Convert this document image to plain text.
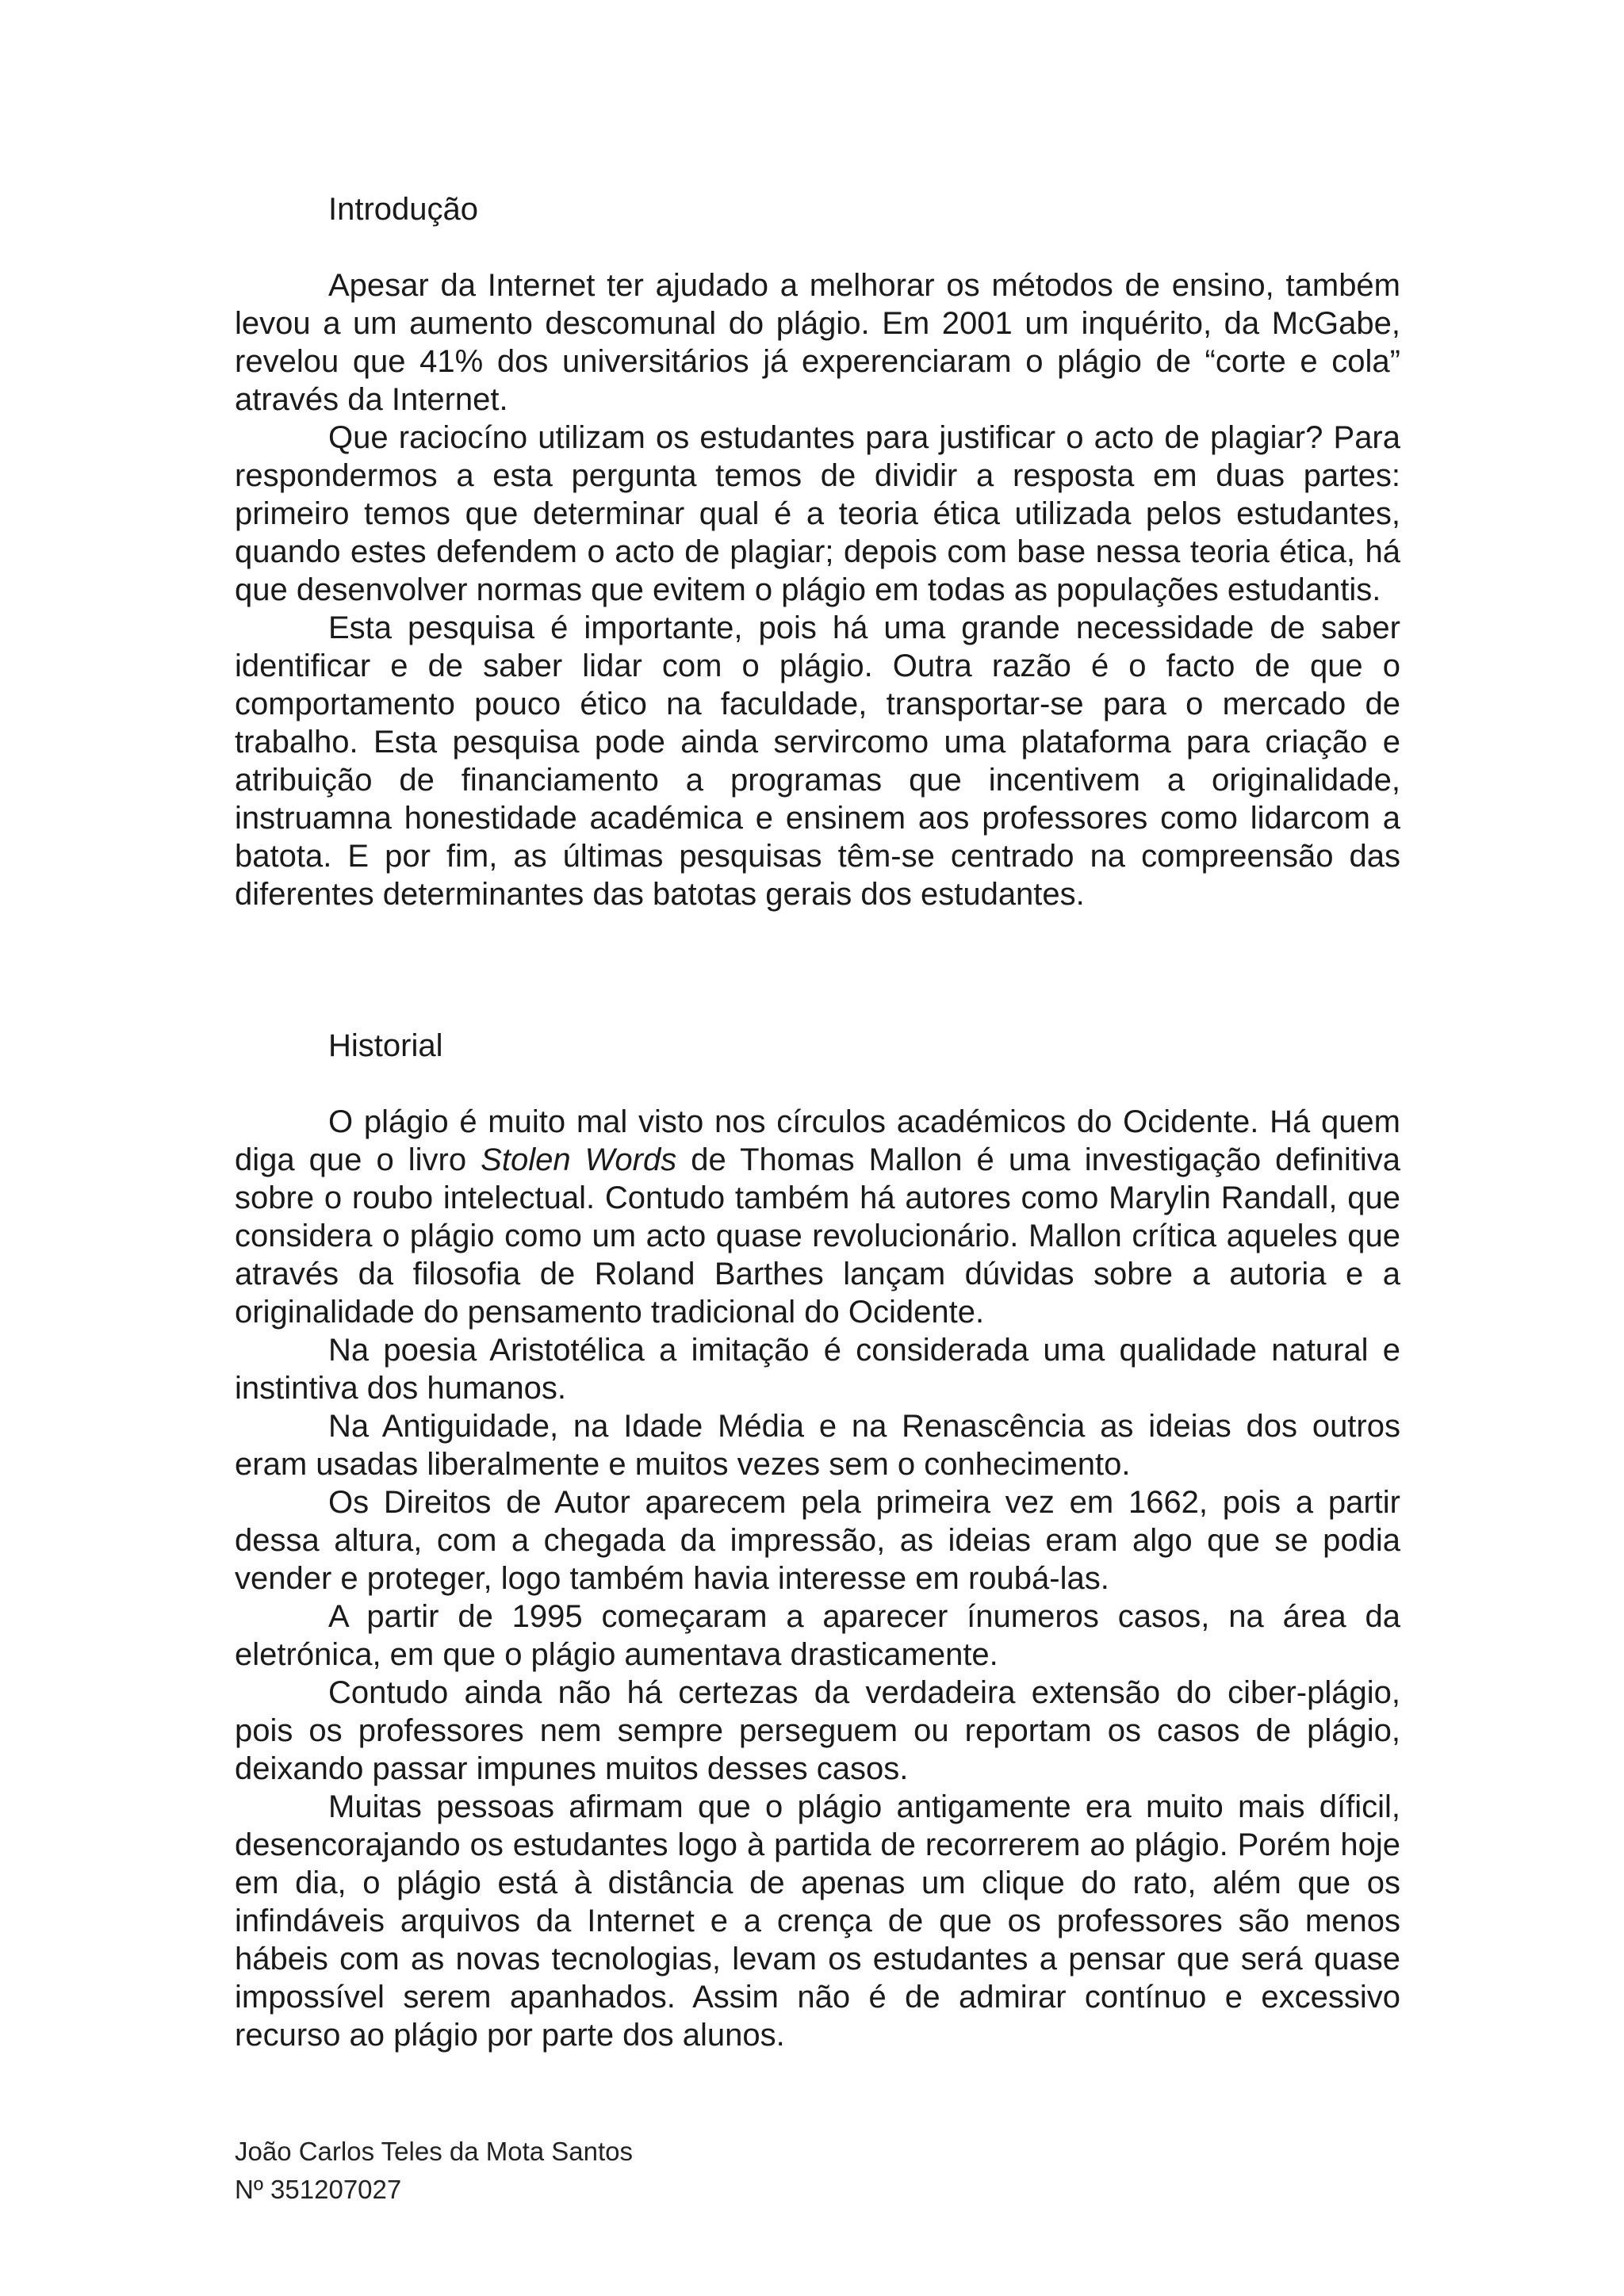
Introdução

Apesar da Internet ter ajudado a melhorar os métodos de ensino, também levou a um aumento descomunal do plágio. Em 2001 um inquérito, da McGabe, revelou que 41% dos universitários já experenciaram o plágio de “corte e cola” através da Internet.

Que raciocíno utilizam os estudantes para justificar o acto de plagiar? Para respondermos a esta pergunta temos de dividir a resposta em duas partes: primeiro temos que determinar qual é a teoria ética utilizada pelos estudantes, quando estes defendem o acto de plagiar; depois com base nessa teoria ética, há que desenvolver normas que evitem o plágio em todas as populações estudantis.

Esta pesquisa é importante, pois há uma grande necessidade de saber identificar e de saber lidar com o plágio. Outra razão é o facto de que o comportamento pouco ético na faculdade, transportar-se para o mercado de trabalho. Esta pesquisa pode ainda servircomo uma plataforma para criação e atribuição de financiamento a programas que incentivem a originalidade, instruamna honestidade académica e ensinem aos professores como lidarcom a batota. E por fim, as últimas pesquisas têm-se centrado na compreensão das diferentes determinantes das batotas gerais dos estudantes.

Historial

O plágio é muito mal visto nos círculos académicos do Ocidente. Há quem diga que o livro Stolen Words de Thomas Mallon é uma investigação definitiva sobre o roubo intelectual. Contudo também há autores como Marylin Randall, que considera o plágio como um acto quase revolucionário. Mallon crítica aqueles que através da filosofia de Roland Barthes lançam dúvidas sobre a autoria e a originalidade do pensamento tradicional do Ocidente.

Na poesia Aristotélica a imitação é considerada uma qualidade natural e instintiva dos humanos.

Na Antiguidade, na Idade Média e na Renascência as ideias dos outros eram usadas liberalmente e muitos vezes sem o conhecimento.

Os Direitos de Autor aparecem pela primeira vez em 1662, pois a partir dessa altura, com a chegada da impressão, as ideias eram algo que se podia vender e proteger, logo também havia interesse em roubá-las.

A partir de 1995 começaram a aparecer ínumeros casos, na área da eletrónica, em que o plágio aumentava drasticamente.

Contudo ainda não há certezas da verdadeira extensão do ciber-plágio, pois os professores nem sempre perseguem ou reportam os casos de plágio, deixando passar impunes muitos desses casos.

Muitas pessoas afirmam que o plágio antigamente era muito mais díficil, desencorajando os estudantes logo à partida de recorrerem ao plágio. Porém hoje em dia, o plágio está à distância de apenas um clique do rato, além que os infindáveis arquivos da Internet e a crença de que os professores são menos hábeis com as novas tecnologias, levam os estudantes a pensar que será quase impossível serem apanhados. Assim não é de admirar contínuo e excessivo recurso ao plágio por parte dos alunos.

João Carlos Teles da Mota Santos
Nº 351207027
